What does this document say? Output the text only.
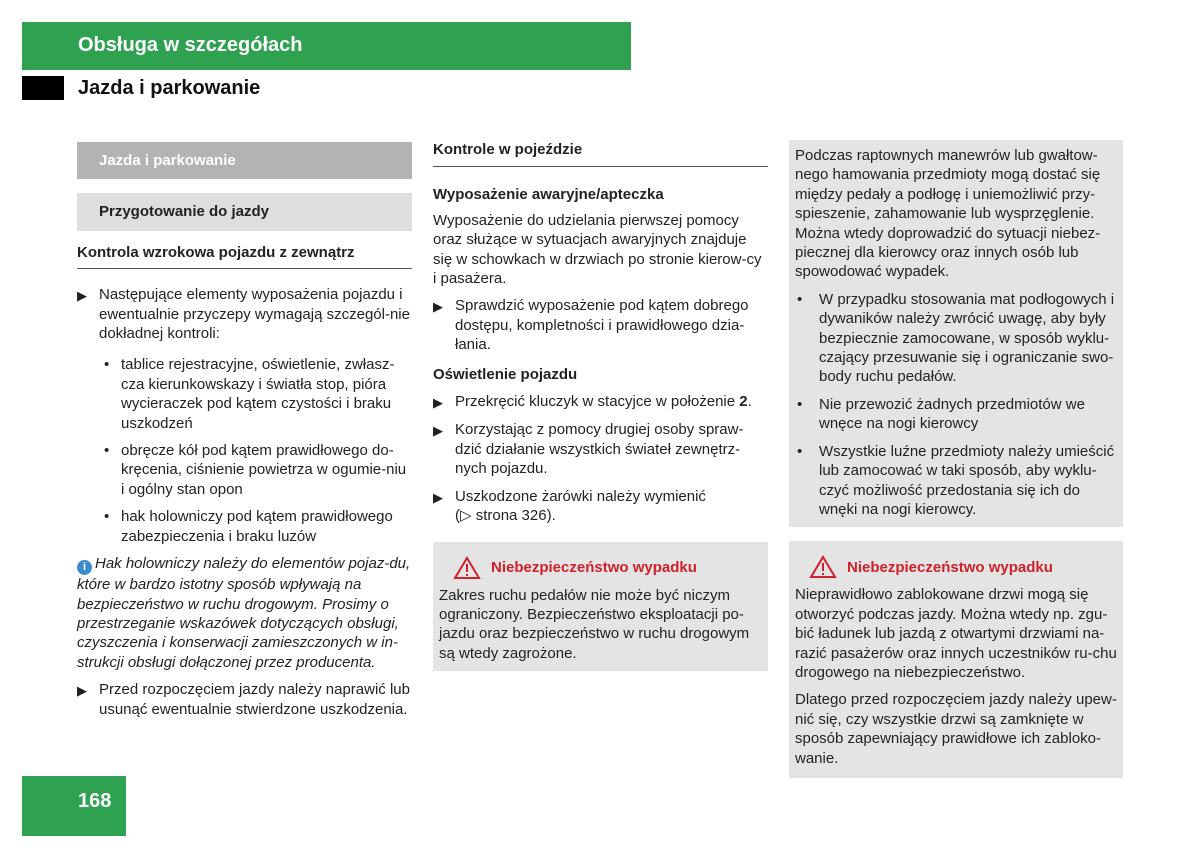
Obsługa w szczegółach
Jazda i parkowanie
Jazda i parkowanie
Przygotowanie do jazdy
Kontrola wzrokowa pojazdu z zewnątrz
▶ Następujące elementy wyposażenia pojazdu i ewentualnie przyczepy wymagają szczegól-nie dokładnej kontroli:
• tablice rejestracyjne, oświetlenie, zwłasz-cza kierunkowskazy i światła stop, pióra wycieraczek pod kątem czystości i braku uszkodzeń
• obręcze kół pod kątem prawidłowego do-kręcenia, ciśnienie powietrza w ogumie-niu i ogólny stan opon
• hak holowniczy pod kątem prawidłowego zabezpieczenia i braku luzów
i Hak holowniczy należy do elementów pojaz-du, które w bardzo istotny sposób wpływają na bezpieczeństwo w ruchu drogowym. Prosimy o przestrzeganie wskazówek dotyczących obsługi, czyszczenia i konserwacji zamieszczonych w in-strukcji obsługi dołączonej przez producenta.
▶ Przed rozpoczęciem jazdy należy naprawić lub usunąć ewentualnie stwierdzone uszkodzenia.
Kontrole w pojeździe
Wyposażenie awaryjne/apteczka

Wyposażenie do udzielania pierwszej pomocy oraz służące w sytuacjach awaryjnych znajduje się w schowkach w drzwiach po stronie kierow-cy i pasażera.

▶ Sprawdzić wyposażenie pod kątem dobrego dostępu, kompletności i prawidłowego dzia-łania.
Oświetlenie pojazdu
▶ Przekręcić kluczyk w stacyjce w położenie 2.
▶ Korzystając z pomocy drugiej osoby spraw-dzić działanie wszystkich świateł zewnętrz-nych pojazdu.
▶ Uszkodzone żarówki należy wymienić
(▷ strona 326).
Niebezpieczeństwo wypadku
Zakres ruchu pedałów nie może być niczym ograniczony. Bezpieczeństwo eksploatacji po-jazdu oraz bezpieczeństwo w ruchu drogowym są wtedy zagrożone.

Podczas raptownych manewrów lub gwałtow-nego hamowania przedmioty mogą dostać się między pedały a podłogę i uniemożliwić przy-spieszenie, zahamowanie lub wysprzęglenie. Można wtedy doprowadzić do sytuacji niebez-piecznej dla kierowcy oraz innych osób lub spowodować wypadek.

•	W przypadku stosowania mat podłogowych i dywaników należy zwrócić uwagę, aby były bezpiecznie zamocowane, w sposób wyklu-czający przesuwanie się i ograniczanie swo-body ruchu pedałów.
•	Nie przewozić żadnych przedmiotów we wnęce na nogi kierowcy
•	Wszystkie luźne przedmioty należy umieścić lub zamocować w taki sposób, aby wyklu-czyć możliwość przedostania się ich do wnęki na nogi kierowcy.
Niebezpieczeństwo wypadku

Nieprawidłowo zablokowane drzwi mogą się otworzyć podczas jazdy. Można wtedy np. zgu-bić ładunek lub jazdą z otwartymi drzwiami na-razić pasażerów oraz innych uczestników ru-chu drogowego na niebezpieczeństwo.

Dlatego przed rozpoczęciem jazdy należy upew-nić się, czy wszystkie drzwi są zamknięte w sposób zapewniający prawidłowe ich zabloko-wanie.

168
